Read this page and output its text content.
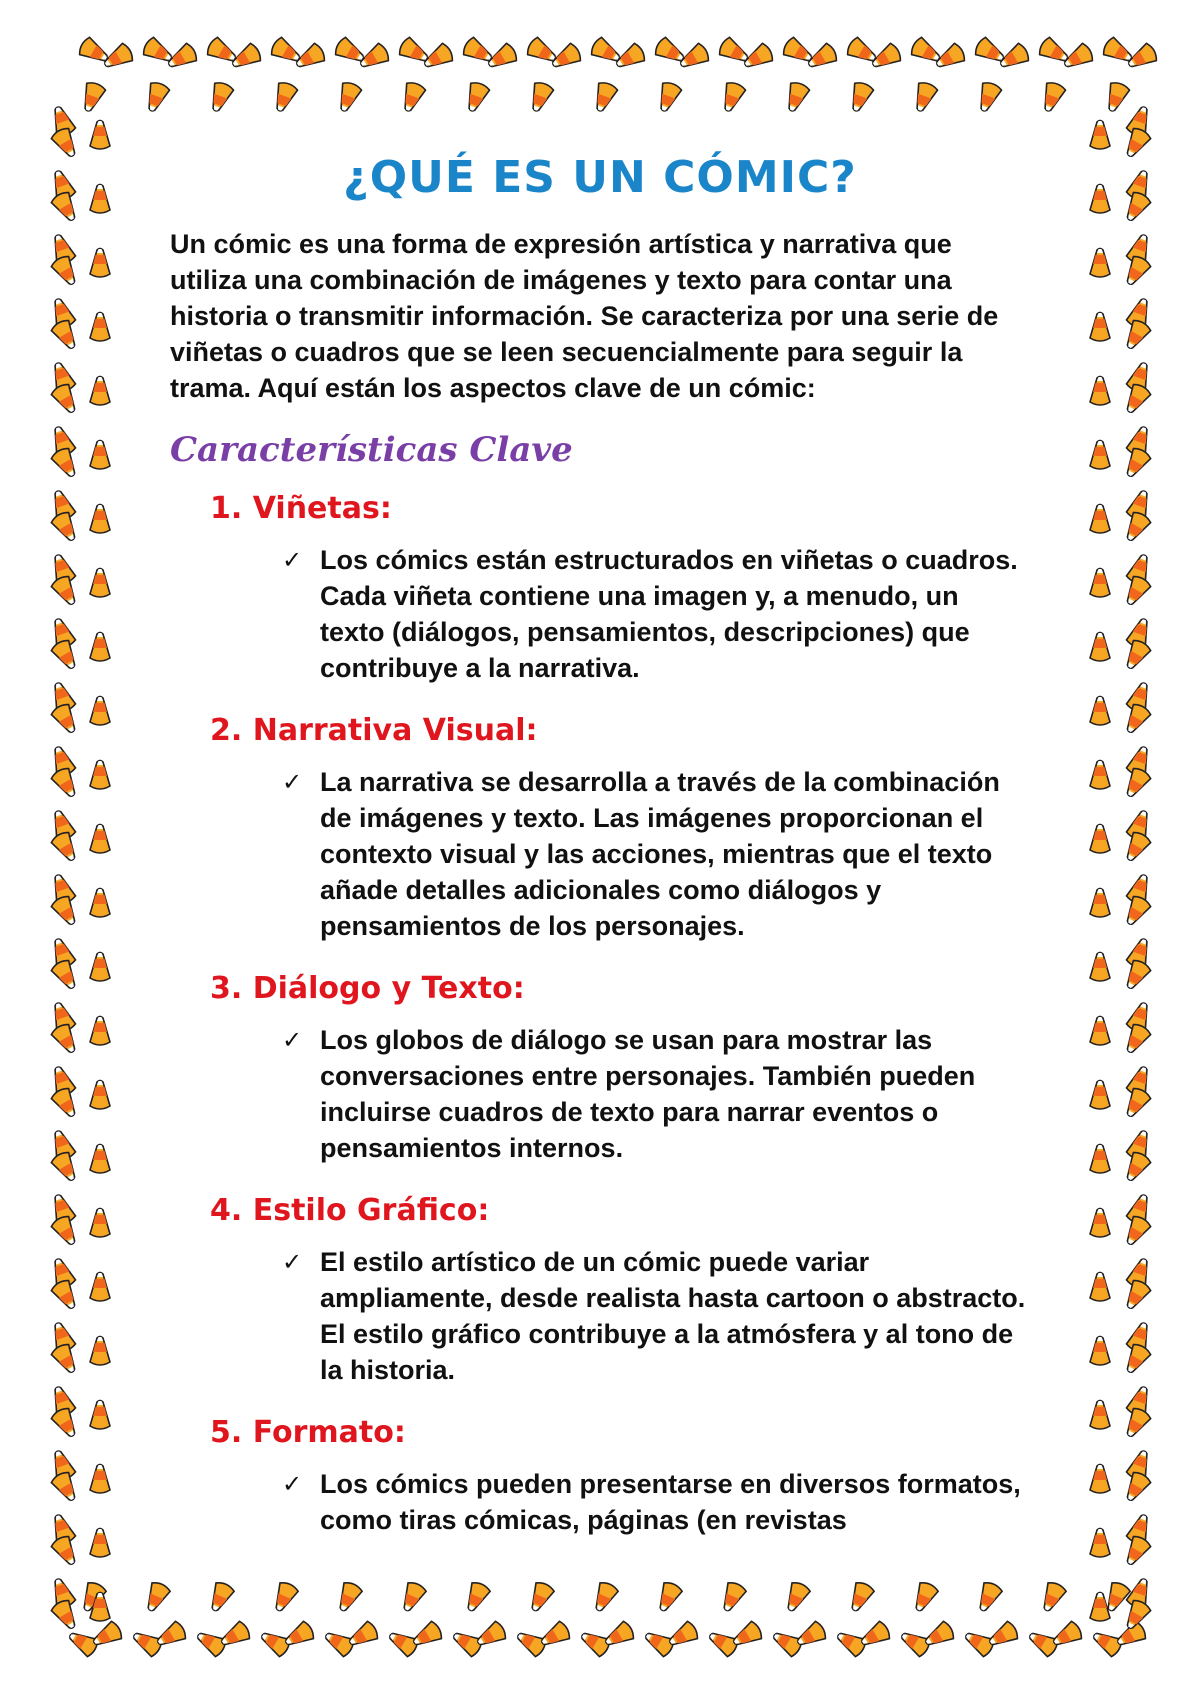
¿QUÉ ES UN CÓMIC?

Un cómic es una forma de expresión artística y narrativa que utiliza una combinación de imágenes y texto para contar una historia o transmitir información. Se caracteriza por una serie de viñetas o cuadros que se leen secuencialmente para seguir la trama. Aquí están los aspectos clave de un cómic:

Características Clave
1. Viñetas:
✓ Los cómics están estructurados en viñetas o cuadros. Cada viñeta contiene una imagen y, a menudo, un texto (diálogos, pensamientos, descripciones) que contribuye a la narrativa.
2. Narrativa Visual:
✓ La narrativa se desarrolla a través de la combinación de imágenes y texto. Las imágenes proporcionan el contexto visual y las acciones, mientras que el texto añade detalles adicionales como diálogos y pensamientos de los personajes.
3. Diálogo y Texto:
✓ Los globos de diálogo se usan para mostrar las conversaciones entre personajes. También pueden incluirse cuadros de texto para narrar eventos o pensamientos internos.
4. Estilo Gráfico:
✓ El estilo artístico de un cómic puede variar ampliamente, desde realista hasta cartoon o abstracto. El estilo gráfico contribuye a la atmósfera y al tono de la historia.
5. Formato:
✓ Los cómics pueden presentarse en diversos formatos, como tiras cómicas, páginas (en revistas
